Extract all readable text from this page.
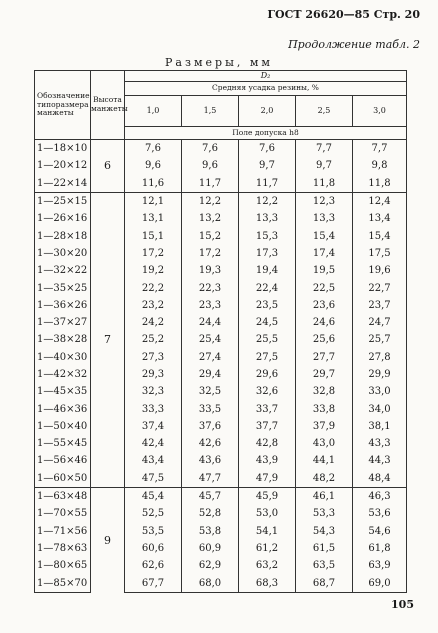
ГОСТ 26620—85 Стр. 20
Продолжение табл. 2
Размеры, мм
Обозначение типоразмера манжеты	Высота манжеты	D₂				
		Средняя усадка резины, %				
		1,0	1,5	2,0	2,5	3,0
		Поле допуска h8				
1—18×10	6	7,6	7,6	7,6	7,7	7,7
1—20×12		9,6	9,6	9,7	9,7	9,8
1—22×14		11,6	11,7	11,7	11,8	11,8
1—25×15	7	12,1	12,2	12,2	12,3	12,4
1—26×16		13,1	13,2	13,3	13,3	13,4
1—28×18		15,1	15,2	15,3	15,4	15,4
1—30×20		17,2	17,2	17,3	17,4	17,5
1—32×22		19,2	19,3	19,4	19,5	19,6
1—35×25		22,2	22,3	22,4	22,5	22,7
1—36×26		23,2	23,3	23,5	23,6	23,7
1—37×27		24,2	24,4	24,5	24,6	24,7
1—38×28		25,2	25,4	25,5	25,6	25,7
1—40×30		27,3	27,4	27,5	27,7	27,8
1—42×32		29,3	29,4	29,6	29,7	29,9
1—45×35		32,3	32,5	32,6	32,8	33,0
1—46×36		33,3	33,5	33,7	33,8	34,0
1—50×40		37,4	37,6	37,7	37,9	38,1
1—55×45		42,4	42,6	42,8	43,0	43,3
1—56×46		43,4	43,6	43,9	44,1	44,3
1—60×50		47,5	47,7	47,9	48,2	48,4
1—63×48	9	45,4	45,7	45,9	46,1	46,3
1—70×55		52,5	52,8	53,0	53,3	53,6
1—71×56		53,5	53,8	54,1	54,3	54,6
1—78×63		60,6	60,9	61,2	61,5	61,8
1—80×65		62,6	62,9	63,2	63,5	63,9
1—85×70		67,7	68,0	68,3	68,7	69,0
105
